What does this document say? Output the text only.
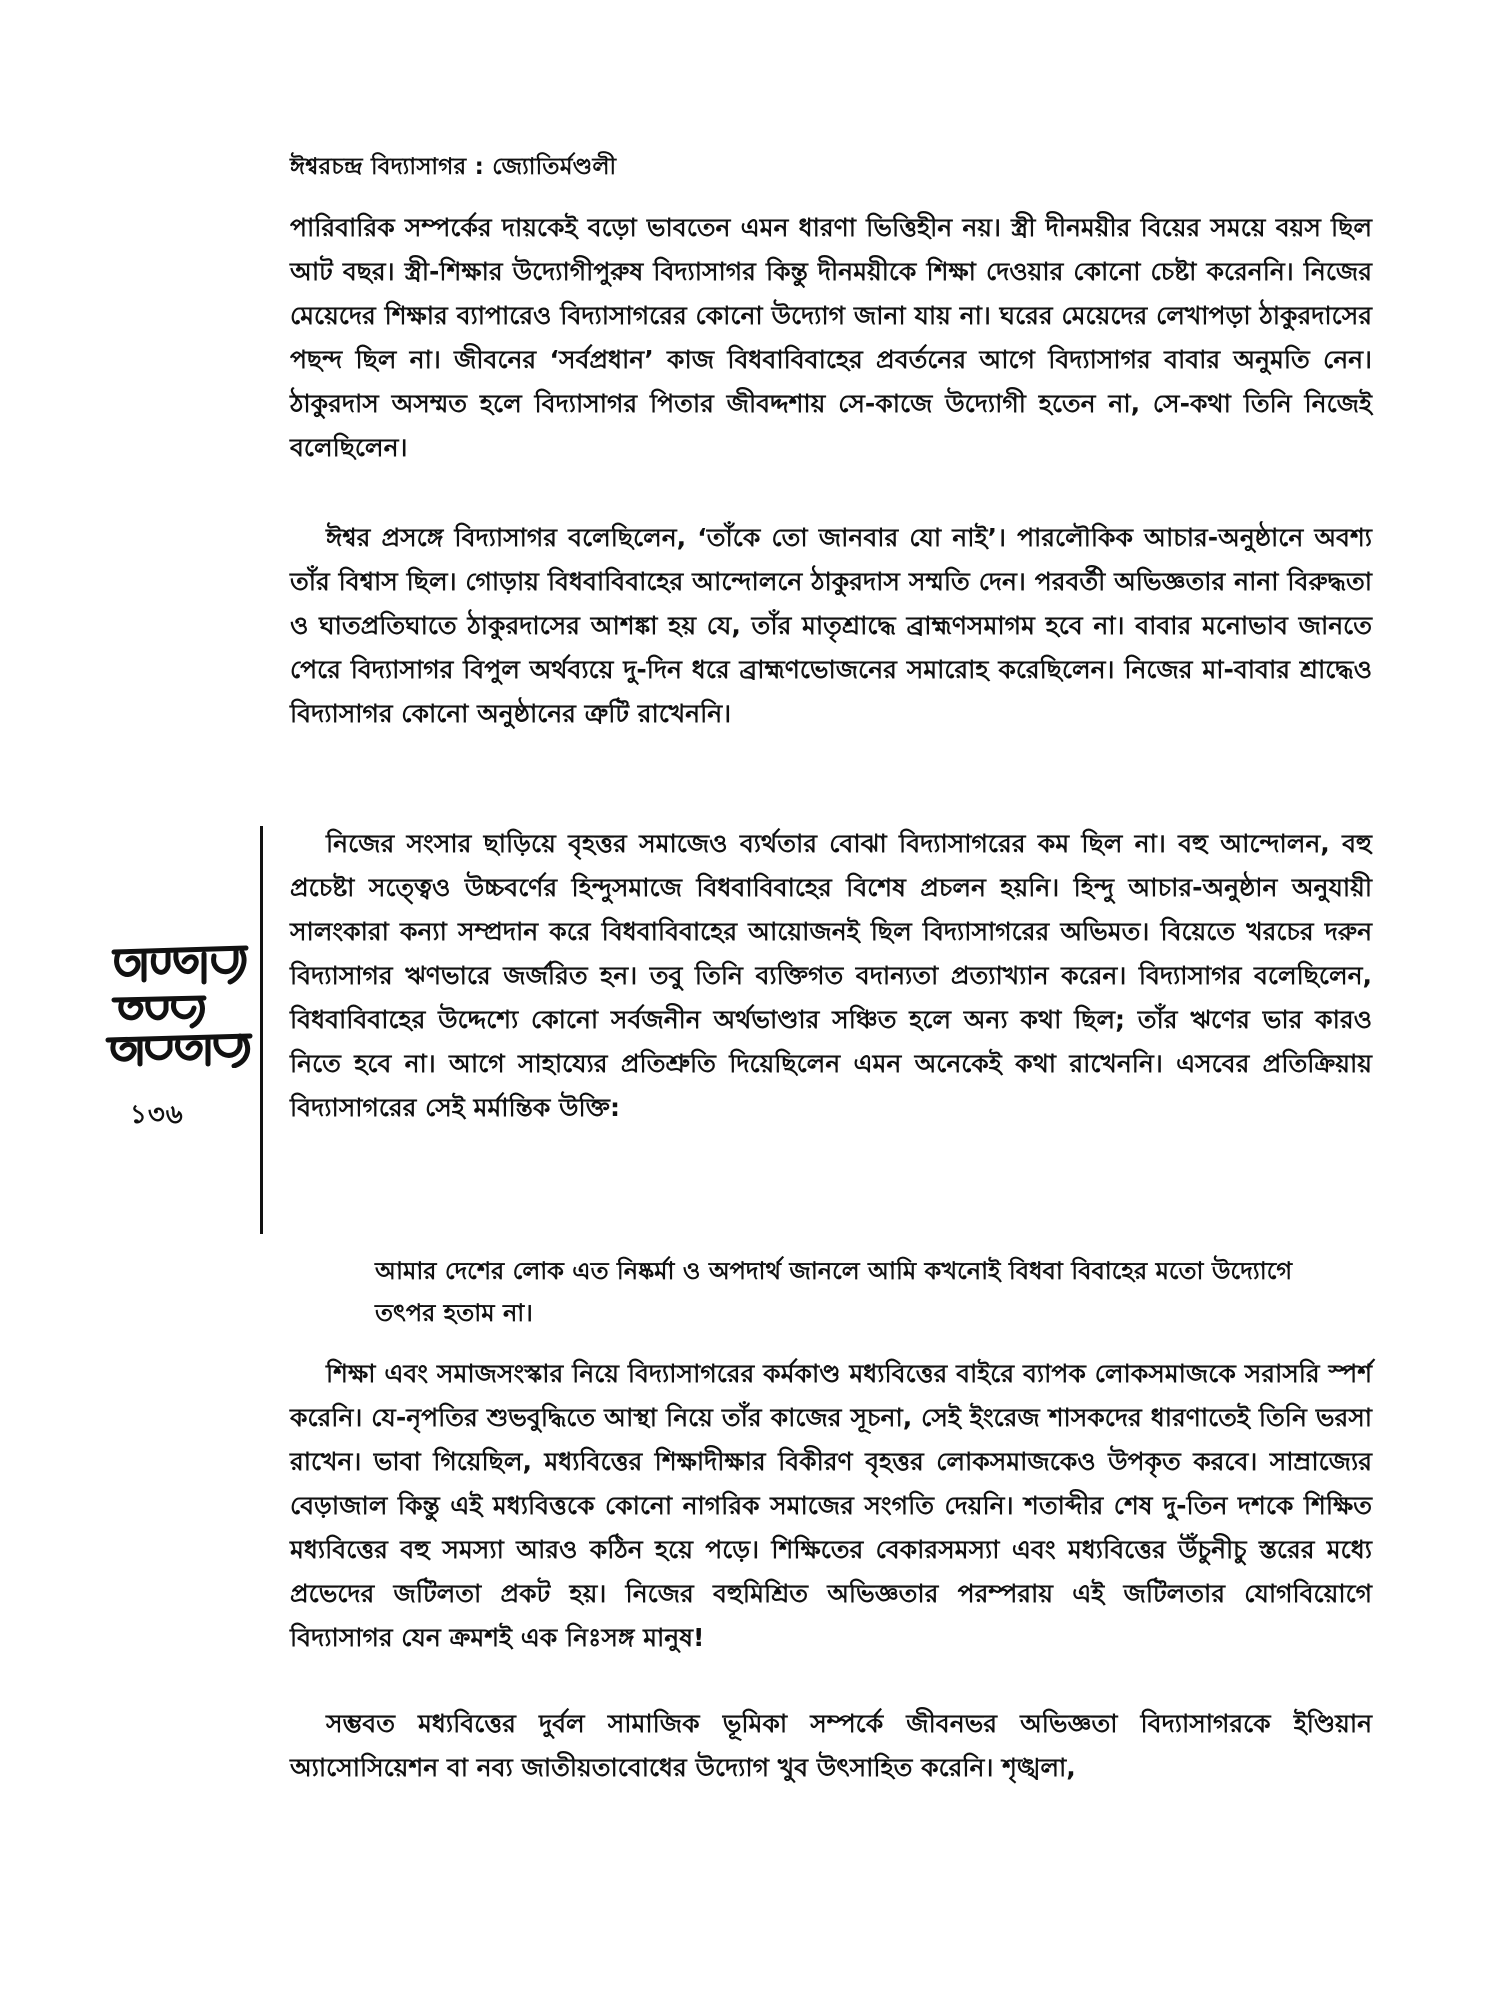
ঈশ্বরচন্দ্র বিদ্যাসাগর : জ্যোতির্মণ্ডলী

পারিবারিক সম্পর্কের দায়কেই বড়ো ভাবতেন এমন ধারণা ভিত্তিহীন নয়। স্ত্রী দীনময়ীর বিয়ের সময়ে বয়স ছিল আট বছর। স্ত্রী-শিক্ষার উদ্যোগীপুরুষ বিদ্যাসাগর কিন্তু দীনময়ীকে শিক্ষা দেওয়ার কোনো চেষ্টা করেননি। নিজের মেয়েদের শিক্ষার ব্যাপারেও বিদ্যাসাগরের কোনো উদ্যোগ জানা যায় না। ঘরের মেয়েদের লেখাপড়া ঠাকুরদাসের পছন্দ ছিল না। জীবনের ‘সর্বপ্রধান’ কাজ বিধবাবিবাহের প্রবর্তনের আগে বিদ্যাসাগর বাবার অনুমতি নেন। ঠাকুরদাস অসম্মত হলে বিদ্যাসাগর পিতার জীবদ্দশায় সে-কাজে উদ্যোগী হতেন না, সে-কথা তিনি নিজেই বলেছিলেন।

ঈশ্বর প্রসঙ্গে বিদ্যাসাগর বলেছিলেন, ‘তাঁকে তো জানবার যো নাই’। পারলৌকিক আচার-অনুষ্ঠানে অবশ্য তাঁর বিশ্বাস ছিল। গোড়ায় বিধবাবিবাহের আন্দোলনে ঠাকুরদাস সম্মতি দেন। পরবর্তী অভিজ্ঞতার নানা বিরুদ্ধতা ও ঘাতপ্রতিঘাতে ঠাকুরদাসের আশঙ্কা হয় যে, তাঁর মাতৃশ্রাদ্ধে ব্রাহ্মণসমাগম হবে না। বাবার মনোভাব জানতে পেরে বিদ্যাসাগর বিপুল অর্থব্যয়ে দু-দিন ধরে ব্রাহ্মণভোজনের সমারোহ করেছিলেন। নিজের মা-বাবার শ্রাদ্ধেও বিদ্যাসাগর কোনো অনুষ্ঠানের ত্রুটি রাখেননি।

১৩৬

নিজের সংসার ছাড়িয়ে বৃহত্তর সমাজেও ব্যর্থতার বোঝা বিদ্যাসাগরের কম ছিল না। বহু আন্দোলন, বহু প্রচেষ্টা সত্ত্বেও উচ্চবর্ণের হিন্দুসমাজে বিধবাবিবাহের বিশেষ প্রচলন হয়নি। হিন্দু আচার-অনুষ্ঠান অনুযায়ী সালংকারা কন্যা সম্প্রদান করে বিধবাবিবাহের আয়োজনই ছিল বিদ্যাসাগরের অভিমত। বিয়েতে খরচের দরুন বিদ্যাসাগর ঋণভারে জর্জরিত হন। তবু তিনি ব্যক্তিগত বদান্যতা প্রত্যাখ্যান করেন। বিদ্যাসাগর বলেছিলেন, বিধবাবিবাহের উদ্দেশ্যে কোনো সর্বজনীন অর্থভাণ্ডার সঞ্চিত হলে অন্য কথা ছিল; তাঁর ঋণের ভার কারও নিতে হবে না। আগে সাহায্যের প্রতিশ্রুতি দিয়েছিলেন এমন অনেকেই কথা রাখেননি। এসবের প্রতিক্রিয়ায় বিদ্যাসাগরের সেই মর্মান্তিক উক্তি:

আমার দেশের লোক এত নিষ্কর্মা ও অপদার্থ জানলে আমি কখনোই বিধবা বিবাহের মতো উদ্যোগে তৎপর হতাম না।

শিক্ষা এবং সমাজসংস্কার নিয়ে বিদ্যাসাগরের কর্মকাণ্ড মধ্যবিত্তের বাইরে ব্যাপক লোকসমাজকে সরাসরি স্পর্শ করেনি। যে-নৃপতির শুভবুদ্ধিতে আস্থা নিয়ে তাঁর কাজের সূচনা, সেই ইংরেজ শাসকদের ধারণাতেই তিনি ভরসা রাখেন। ভাবা গিয়েছিল, মধ্যবিত্তের শিক্ষাদীক্ষার বিকীরণ বৃহত্তর লোকসমাজকেও উপকৃত করবে। সাম্রাজ্যের বেড়াজাল কিন্তু এই মধ্যবিত্তকে কোনো নাগরিক সমাজের সংগতি দেয়নি। শতাব্দীর শেষ দু-তিন দশকে শিক্ষিত মধ্যবিত্তের বহু সমস্যা আরও কঠিন হয়ে পড়ে। শিক্ষিতের বেকারসমস্যা এবং মধ্যবিত্তের উঁচুনীচু স্তরের মধ্যে প্রভেদের জটিলতা প্রকট হয়। নিজের বহুমিশ্রিত অভিজ্ঞতার পরম্পরায় এই জটিলতার যোগবিয়োগে বিদ্যাসাগর যেন ক্রমশই এক নিঃসঙ্গ মানুষ!

সম্ভবত মধ্যবিত্তের দুর্বল সামাজিক ভূমিকা সম্পর্কে জীবনভর অভিজ্ঞতা বিদ্যাসাগরকে ইণ্ডিয়ান অ্যাসোসিয়েশন বা নব্য জাতীয়তাবোধের উদ্যোগ খুব উৎসাহিত করেনি। শৃঙ্খলা,
